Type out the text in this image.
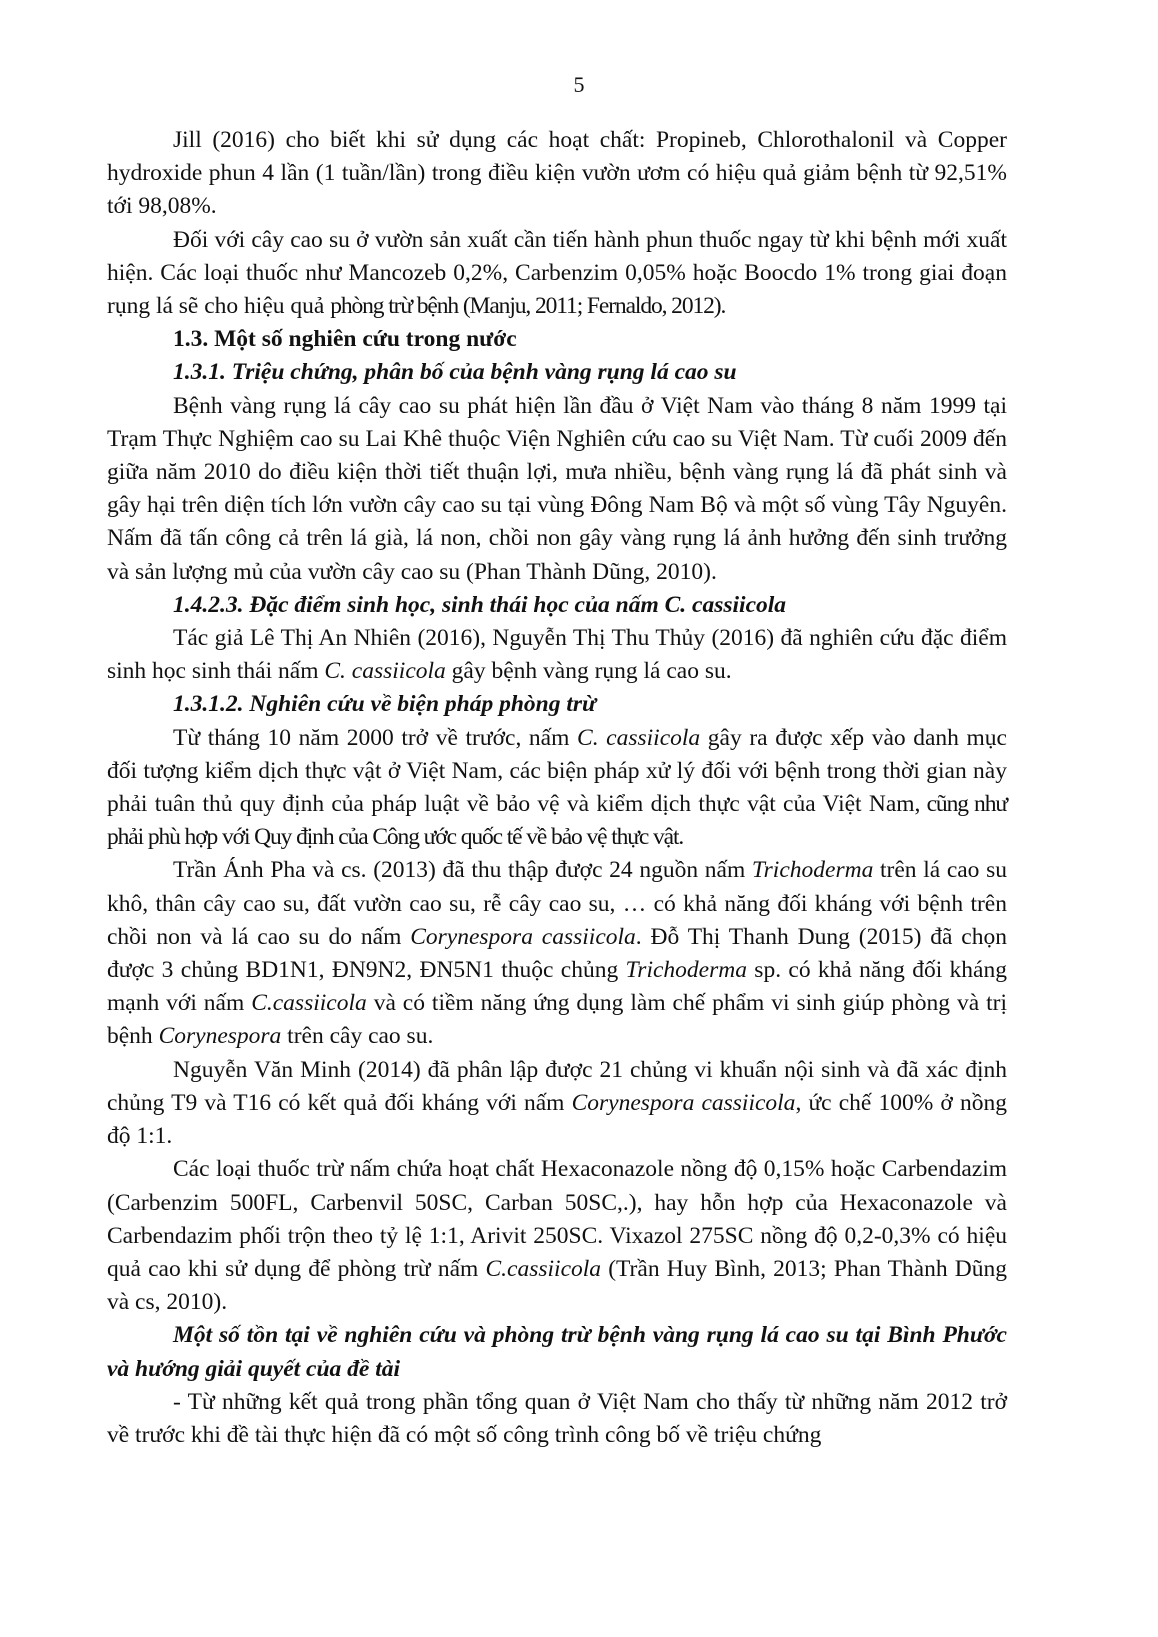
5

Jill (2016) cho biết khi sử dụng các hoạt chất: Propineb, Chlorothalonil và Copper hydroxide phun 4 lần (1 tuần/lần) trong điều kiện vườn ươm có hiệu quả giảm bệnh từ 92,51% tới 98,08%.

Đối với cây cao su ở vườn sản xuất cần tiến hành phun thuốc ngay từ khi bệnh mới xuất hiện. Các loại thuốc như Mancozeb 0,2%, Carbenzim 0,05% hoặc Boocdo 1% trong giai đoạn rụng lá sẽ cho hiệu quả phòng trừ bệnh (Manju, 2011; Fernaldo, 2012).

1.3. Một số nghiên cứu trong nước

1.3.1. Triệu chứng, phân bố của bệnh vàng rụng lá cao su

Bệnh vàng rụng lá cây cao su phát hiện lần đầu ở Việt Nam vào tháng 8 năm 1999 tại Trạm Thực Nghiệm cao su Lai Khê thuộc Viện Nghiên cứu cao su Việt Nam. Từ cuối 2009 đến giữa năm 2010 do điều kiện thời tiết thuận lợi, mưa nhiều, bệnh vàng rụng lá đã phát sinh và gây hại trên diện tích lớn vườn cây cao su tại vùng Đông Nam Bộ và một số vùng Tây Nguyên. Nấm đã tấn công cả trên lá già, lá non, chồi non gây vàng rụng lá ảnh hưởng đến sinh trưởng và sản lượng mủ của vườn cây cao su (Phan Thành Dũng, 2010).

1.4.2.3. Đặc điểm sinh học, sinh thái học của nấm C. cassiicola

Tác giả Lê Thị An Nhiên (2016), Nguyễn Thị Thu Thủy (2016) đã nghiên cứu đặc điểm sinh học sinh thái nấm C. cassiicola gây bệnh vàng rụng lá cao su.

1.3.1.2. Nghiên cứu về biện pháp phòng trừ

Từ tháng 10 năm 2000 trở về trước, nấm C. cassiicola gây ra được xếp vào danh mục đối tượng kiểm dịch thực vật ở Việt Nam, các biện pháp xử lý đối với bệnh trong thời gian này phải tuân thủ quy định của pháp luật về bảo vệ và kiểm dịch thực vật của Việt Nam, cũng như phải phù hợp với Quy định của Công ước quốc tế về bảo vệ thực vật.

Trần Ánh Pha và cs. (2013) đã thu thập được 24 nguồn nấm Trichoderma trên lá cao su khô, thân cây cao su, đất vườn cao su, rễ cây cao su, … có khả năng đối kháng với bệnh trên chồi non và lá cao su do nấm Corynespora cassiicola. Đỗ Thị Thanh Dung (2015) đã chọn được 3 chủng BD1N1, ĐN9N2, ĐN5N1 thuộc chủng Trichoderma sp. có khả năng đối kháng mạnh với nấm C.cassiicola và có tiềm năng ứng dụng làm chế phẩm vi sinh giúp phòng và trị bệnh Corynespora trên cây cao su.

Nguyễn Văn Minh (2014) đã phân lập được 21 chủng vi khuẩn nội sinh và đã xác định chủng T9 và T16 có kết quả đối kháng với nấm Corynespora cassiicola, ức chế 100% ở nồng độ 1:1.

Các loại thuốc trừ nấm chứa hoạt chất Hexaconazole nồng độ 0,15% hoặc Carbendazim (Carbenzim 500FL, Carbenvil 50SC, Carban 50SC,.), hay hỗn hợp của Hexaconazole và Carbendazim phối trộn theo tỷ lệ 1:1, Arivit 250SC. Vixazol 275SC nồng độ 0,2-0,3% có hiệu quả cao khi sử dụng để phòng trừ nấm C.cassiicola (Trần Huy Bình, 2013; Phan Thành Dũng và cs, 2010).

Một số tồn tại về nghiên cứu và phòng trừ bệnh vàng rụng lá cao su tại Bình Phước và hướng giải quyết của đề tài

- Từ những kết quả trong phần tổng quan ở Việt Nam cho thấy từ những năm 2012 trở về trước khi đề tài thực hiện đã có một số công trình công bố về triệu chứng
